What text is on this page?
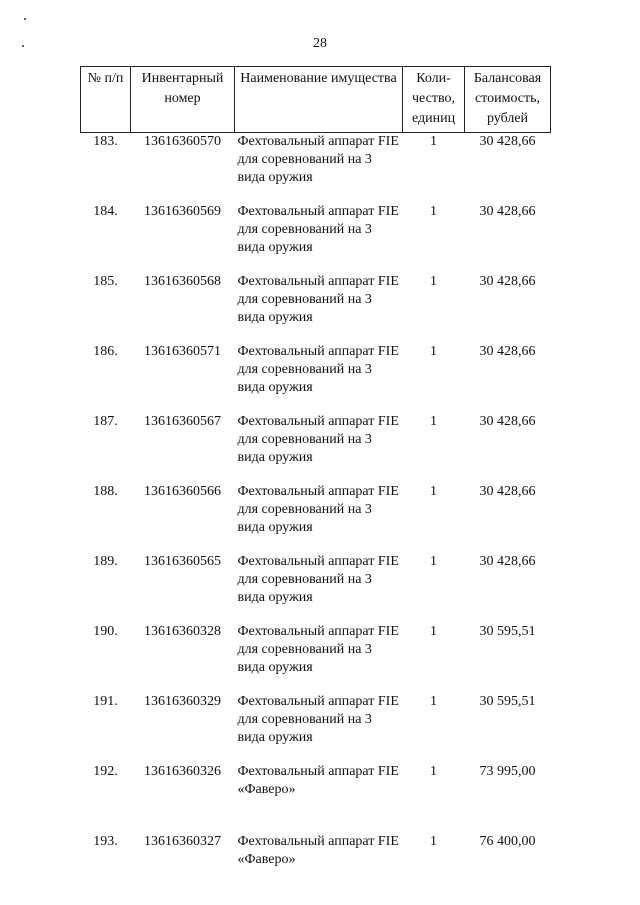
28
№ п/п	Инвентарный номер	Наименование имущества	Коли-чество, единиц	Балансовая стоимость, рублей
183.	13616360570	Фехтовальный аппарат FIE для соревнований на 3 вида оружия	1	30 428,66
184.	13616360569	Фехтовальный аппарат FIE для соревнований на 3 вида оружия	1	30 428,66
185.	13616360568	Фехтовальный аппарат FIE для соревнований на 3 вида оружия	1	30 428,66
186.	13616360571	Фехтовальный аппарат FIE для соревнований на 3 вида оружия	1	30 428,66
187.	13616360567	Фехтовальный аппарат FIE для соревнований на 3 вида оружия	1	30 428,66
188.	13616360566	Фехтовальный аппарат FIE для соревнований на 3 вида оружия	1	30 428,66
189.	13616360565	Фехтовальный аппарат FIE для соревнований на 3 вида оружия	1	30 428,66
190.	13616360328	Фехтовальный аппарат FIE для соревнований на 3 вида оружия	1	30 595,51
191.	13616360329	Фехтовальный аппарат FIE для соревнований на 3 вида оружия	1	30 595,51
192.	13616360326	Фехтовальный аппарат FIE «Фаверо»	1	73 995,00
193.	13616360327	Фехтовальный аппарат FIE «Фаверо»	1	76 400,00
